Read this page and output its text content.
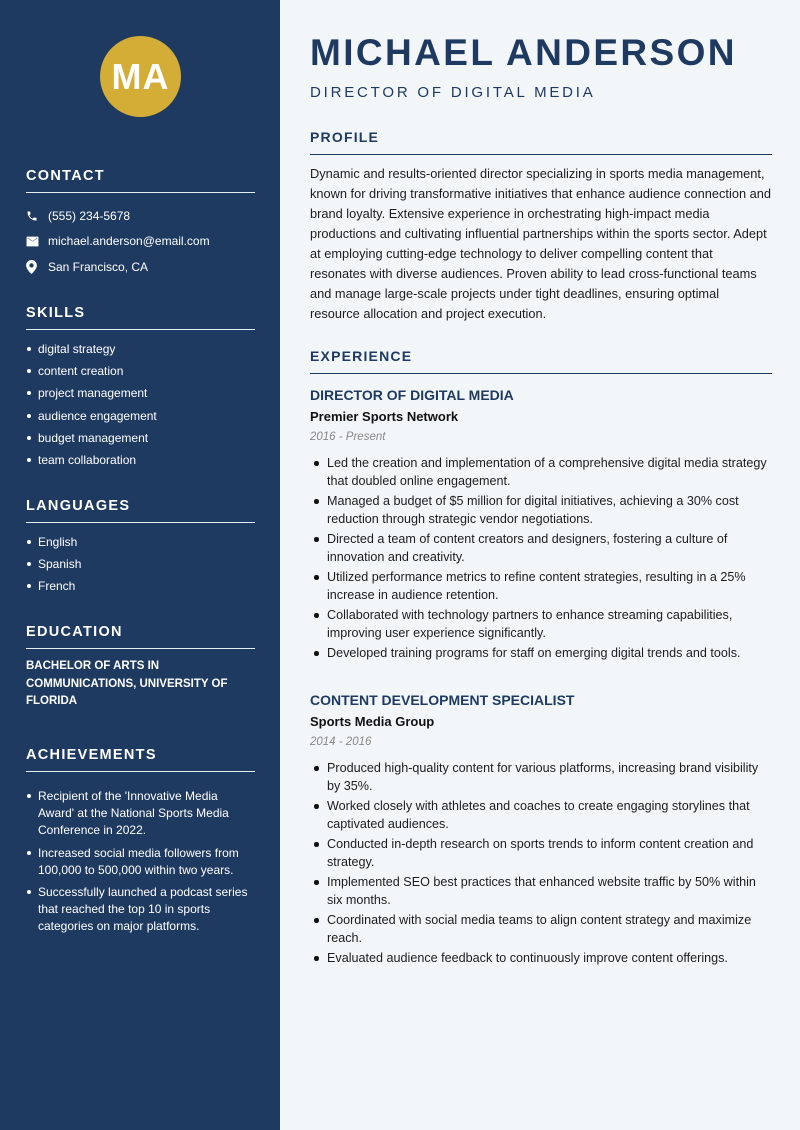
MA
CONTACT
(555) 234-5678
michael.anderson@email.com
San Francisco, CA
SKILLS
digital strategy
content creation
project management
audience engagement
budget management
team collaboration
LANGUAGES
English
Spanish
French
EDUCATION
BACHELOR OF ARTS IN COMMUNICATIONS, UNIVERSITY OF FLORIDA
ACHIEVEMENTS
Recipient of the 'Innovative Media Award' at the National Sports Media Conference in 2022.
Increased social media followers from 100,000 to 500,000 within two years.
Successfully launched a podcast series that reached the top 10 in sports categories on major platforms.
MICHAEL ANDERSON
DIRECTOR OF DIGITAL MEDIA
PROFILE
Dynamic and results-oriented director specializing in sports media management, known for driving transformative initiatives that enhance audience connection and brand loyalty. Extensive experience in orchestrating high-impact media productions and cultivating influential partnerships within the sports sector. Adept at employing cutting-edge technology to deliver compelling content that resonates with diverse audiences. Proven ability to lead cross-functional teams and manage large-scale projects under tight deadlines, ensuring optimal resource allocation and project execution.
EXPERIENCE
DIRECTOR OF DIGITAL MEDIA
Premier Sports Network
2016 - Present
Led the creation and implementation of a comprehensive digital media strategy that doubled online engagement.
Managed a budget of $5 million for digital initiatives, achieving a 30% cost reduction through strategic vendor negotiations.
Directed a team of content creators and designers, fostering a culture of innovation and creativity.
Utilized performance metrics to refine content strategies, resulting in a 25% increase in audience retention.
Collaborated with technology partners to enhance streaming capabilities, improving user experience significantly.
Developed training programs for staff on emerging digital trends and tools.
CONTENT DEVELOPMENT SPECIALIST
Sports Media Group
2014 - 2016
Produced high-quality content for various platforms, increasing brand visibility by 35%.
Worked closely with athletes and coaches to create engaging storylines that captivated audiences.
Conducted in-depth research on sports trends to inform content creation and strategy.
Implemented SEO best practices that enhanced website traffic by 50% within six months.
Coordinated with social media teams to align content strategy and maximize reach.
Evaluated audience feedback to continuously improve content offerings.
